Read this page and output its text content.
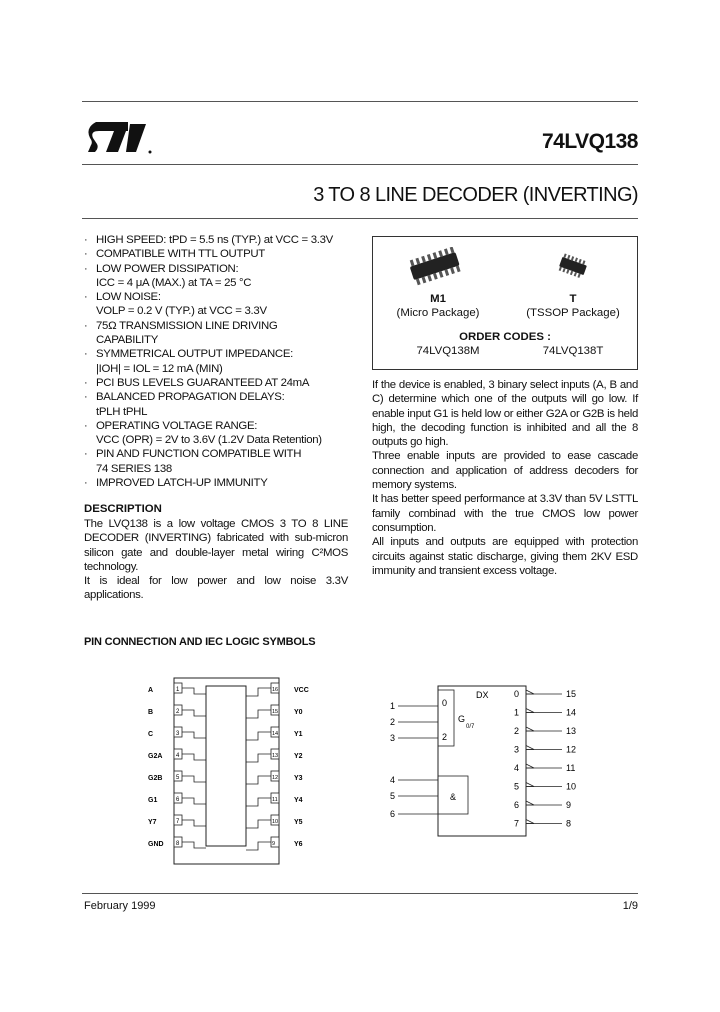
74LVQ138
3 TO 8 LINE DECODER (INVERTING)
· HIGH SPEED: tPD = 5.5 ns (TYP.) at VCC = 3.3V
· COMPATIBLE WITH TTL OUTPUT
· LOW POWER DISSIPATION:
ICC = 4 μA (MAX.) at TA = 25 °C
· LOW NOISE:
VOLP = 0.2 V (TYP.) at VCC = 3.3V
· 75Ω TRANSMISSION LINE DRIVING
CAPABILITY
· SYMMETRICAL OUTPUT IMPEDANCE:
|IOH| = IOL = 12 mA (MIN)
· PCI BUS LEVELS GUARANTEED AT 24mA
· BALANCED PROPAGATION DELAYS:
tPLH tPHL
· OPERATING VOLTAGE RANGE:
VCC (OPR) = 2V to 3.6V (1.2V Data Retention)
· PIN AND FUNCTION COMPATIBLE WITH
74 SERIES 138
· IMPROVED LATCH-UP IMMUNITY
M1
(Micro Package)
T
(TSSOP Package)
ORDER CODES :
74LVQ138M	74LVQ138T
DESCRIPTION

The LVQ138 is a low voltage CMOS 3 TO 8 LINE DECODER (INVERTING) fabricated with sub-micron silicon gate and double-layer metal wiring C²MOS technology.

It is ideal for low power and low noise 3.3V applications.

If the device is enabled, 3 binary select inputs (A, B and C) determine which one of the outputs will go low. If enable input G1 is held low or either G2A or G2B is held high, the decoding function is inhibited and all the 8 outputs go high.

Three enable inputs are provided to ease cascade connection and application of address decoders for memory systems.

It has better speed performance at 3.3V than 5V LSTTL family combinad with the true CMOS low power consumption.

All inputs and outputs are equipped with protection circuits against static discharge, giving them 2KV ESD immunity and transient excess voltage.

PIN CONNECTION AND IEC LOGIC SYMBOLS
A	1	VCC
16
B	2	Y0
15
C	3	Y1
14
G2A 4	Y2
13
G2B 5	Y3
12
G1	6	Y4
11
Y7	7	Y5
10
GND 8	Y6
9
DX
0
2
G
0/7
&
1
2
3
4
5
6
0	15
1	14
2	13
3	12
4	11
5	10
6	9
7	8
February 1999	1/9
